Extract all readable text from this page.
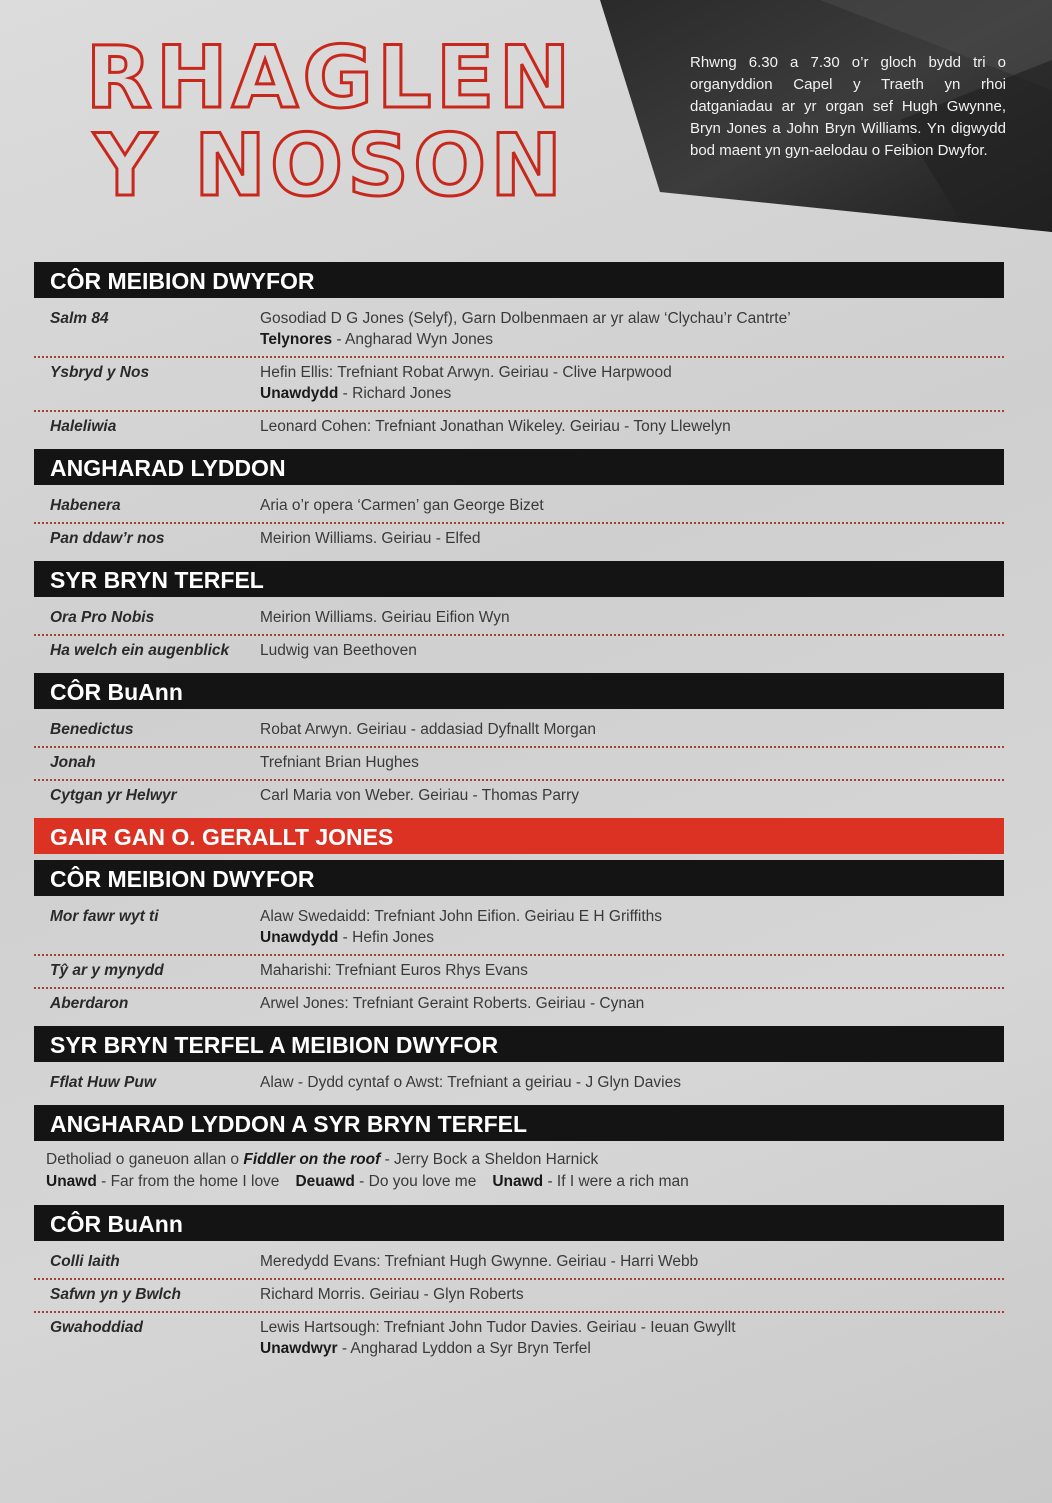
RHAGLEN
Y NOSON
Rhwng 6.30 a 7.30 o’r gloch bydd tri o organyddion Capel y Traeth yn rhoi datganiadau ar yr organ sef Hugh Gwynne, Bryn Jones a John Bryn Williams. Yn digwydd bod maent yn gyn-aelodau o Feibion Dwyfor.
CÔR MEIBION DWYFOR
Salm 84	Gosodiad D G Jones (Selyf), Garn Dolbenmaen ar yr alaw ‘Clychau’r Cantrte’
Telynores - Angharad Wyn Jones
Ysbryd y Nos	Hefin Ellis: Trefniant Robat Arwyn. Geiriau - Clive Harpwood
Unawdydd - Richard Jones
Haleliwia	Leonard Cohen: Trefniant Jonathan Wikeley. Geiriau - Tony Llewelyn
ANGHARAD LYDDON
Habenera	Aria o’r opera ‘Carmen’ gan George Bizet
Pan ddaw’r nos	Meirion Williams. Geiriau - Elfed
SYR BRYN TERFEL
Ora Pro Nobis	Meirion Williams. Geiriau Eifion Wyn
Ha welch ein augenblick	Ludwig van Beethoven
CÔR BuAnn
Benedictus	Robat Arwyn. Geiriau - addasiad Dyfnallt Morgan
Jonah	Trefniant Brian Hughes
Cytgan yr Helwyr	Carl Maria von Weber. Geiriau - Thomas Parry
GAIR GAN O. GERALLT JONES
CÔR MEIBION DWYFOR
Mor fawr wyt ti	Alaw Swedaidd: Trefniant John Eifion. Geiriau E H Griffiths
Unawdydd - Hefin Jones
Tŷ ar y mynydd	Maharishi: Trefniant Euros Rhys Evans
Aberdaron	Arwel Jones: Trefniant Geraint Roberts. Geiriau - Cynan
SYR BRYN TERFEL A MEIBION DWYFOR
Fflat Huw Puw	Alaw - Dydd cyntaf o Awst: Trefniant a geiriau - J Glyn Davies
ANGHARAD LYDDON A SYR BRYN TERFEL
Detholiad o ganeuon allan o Fiddler on the roof - Jerry Bock a Sheldon Harnick
Unawd - Far from the home I love Deuawd - Do you love me Unawd - If I were a rich man
CÔR BuAnn
Colli Iaith	Meredydd Evans: Trefniant Hugh Gwynne. Geiriau - Harri Webb
Safwn yn y Bwlch	Richard Morris. Geiriau - Glyn Roberts
Gwahoddiad	Lewis Hartsough: Trefniant John Tudor Davies. Geiriau - Ieuan Gwyllt
Unawdwyr - Angharad Lyddon a Syr Bryn Terfel
